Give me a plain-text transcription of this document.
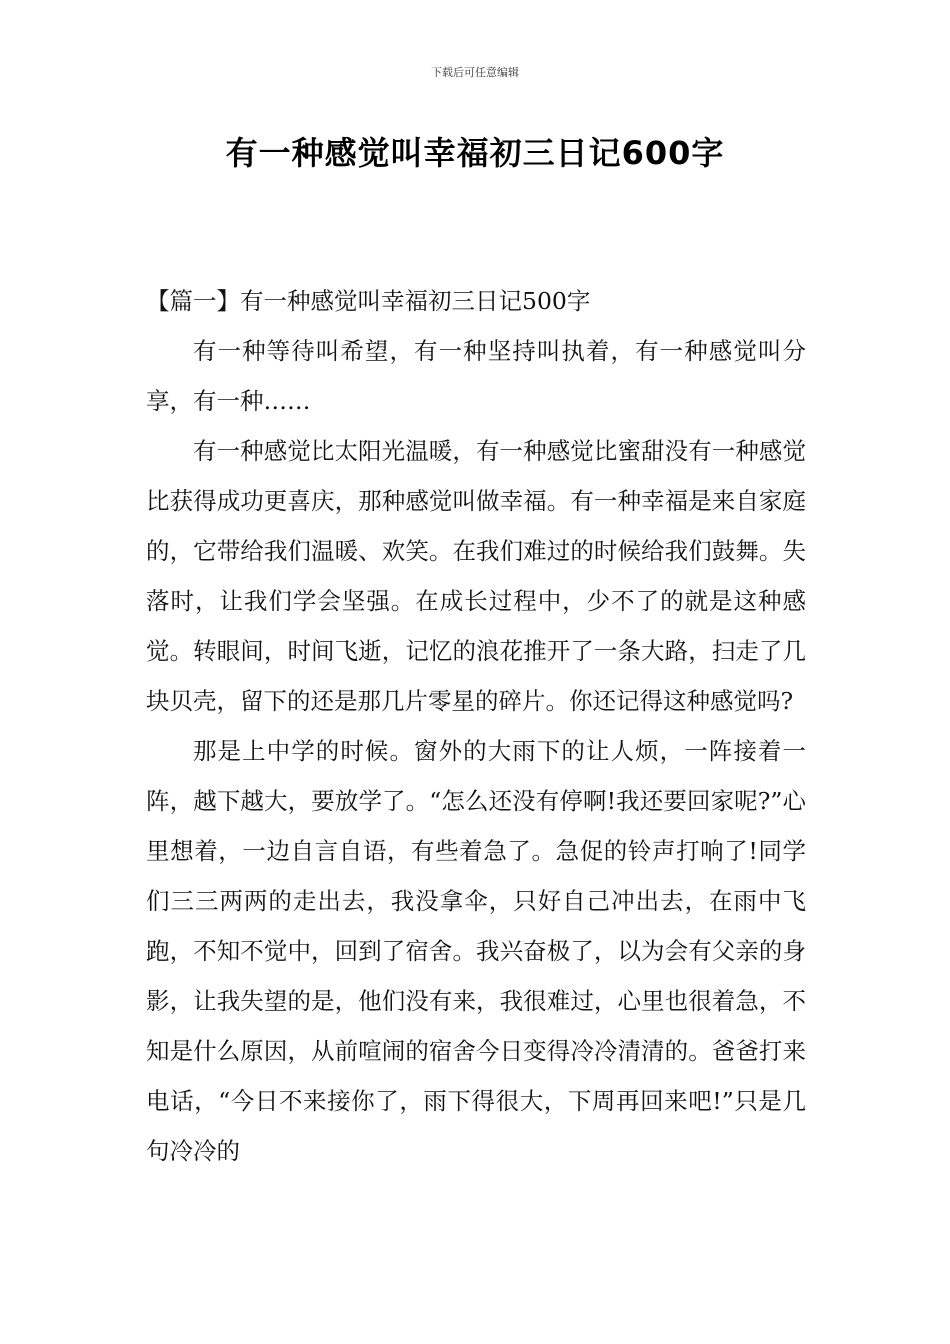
下载后可任意编辑
有一种感觉叫幸福初三日记600字

【篇一】有一种感觉叫幸福初三日记500字

有一种等待叫希望，有一种坚持叫执着，有一种感觉叫分享，有一种……

有一种感觉比太阳光温暖，有一种感觉比蜜甜没有一种感觉比获得成功更喜庆，那种感觉叫做幸福。有一种幸福是来自家庭的，它带给我们温暖、欢笑。在我们难过的时候给我们鼓舞。失落时，让我们学会坚强。在成长过程中，少不了的就是这种感觉。转眼间，时间飞逝，记忆的浪花推开了一条大路，扫走了几块贝壳，留下的还是那几片零星的碎片。你还记得这种感觉吗?

那是上中学的时候。窗外的大雨下的让人烦，一阵接着一阵，越下越大，要放学了。“怎么还没有停啊!我还要回家呢?”心里想着，一边自言自语，有些着急了。急促的铃声打响了!同学们三三两两的走出去，我没拿伞，只好自己冲出去，在雨中飞跑，不知不觉中，回到了宿舍。我兴奋极了，以为会有父亲的身影，让我失望的是，他们没有来，我很难过，心里也很着急，不知是什么原因，从前喧闹的宿舍今日变得冷冷清清的。爸爸打来电话，“今日不来接你了，雨下得很大，下周再回来吧!”只是几句冷冷的
